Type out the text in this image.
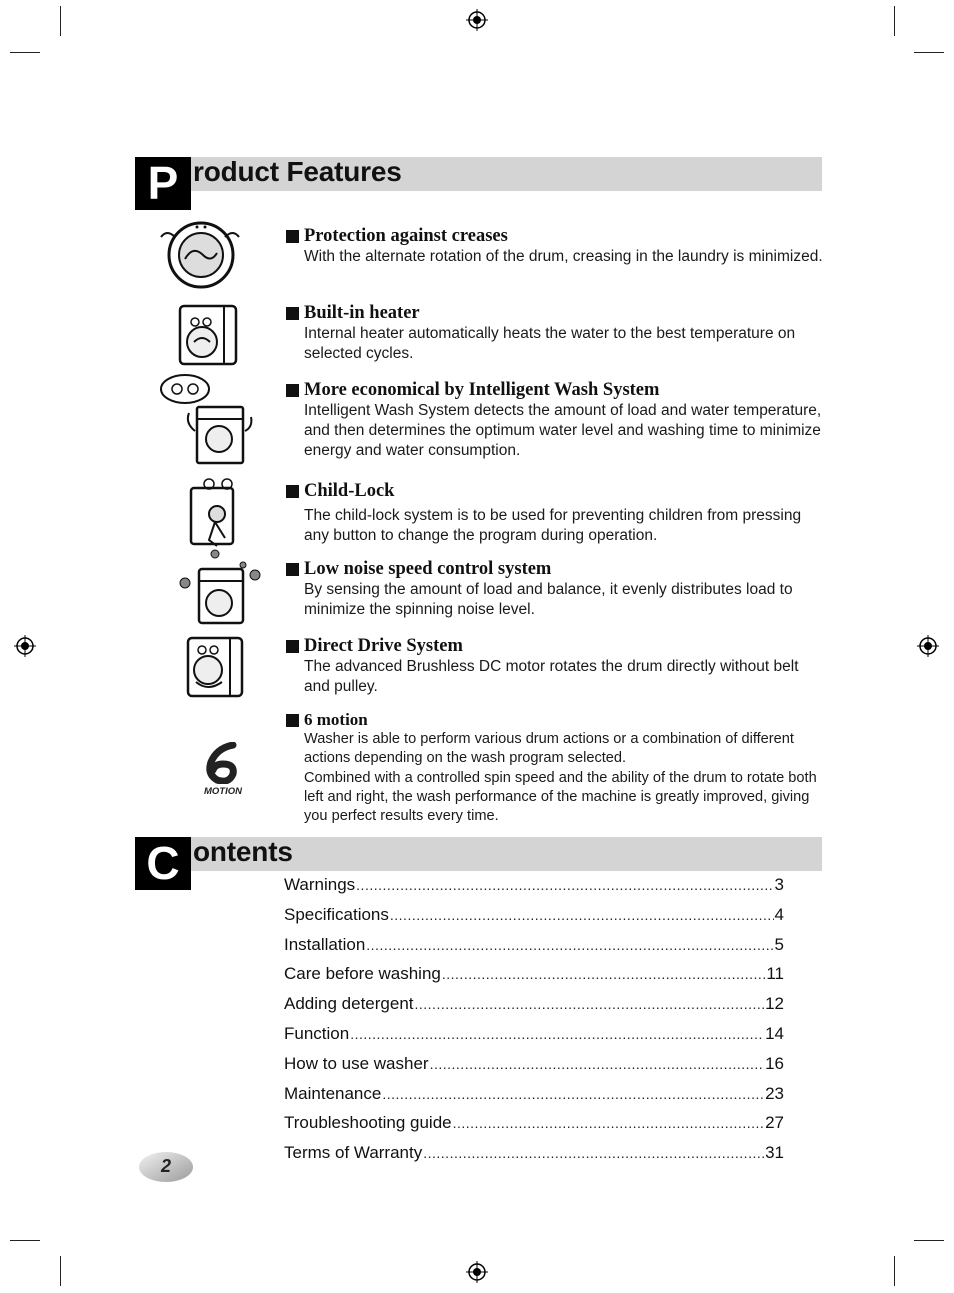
P roduct Features
MOTION
Protection against creases
With the alternate rotation of the drum, creasing in the laundry is minimized.
Built-in heater
Internal heater automatically heats the water to the best temperature on selected cycles.
More economical by Intelligent Wash System
Intelligent Wash System detects the amount of load and water temperature, and then determines the optimum water level and washing time to minimize energy and water consumption.
Child-Lock
The child-lock system is to be used for preventing children from pressing any button to change the program during operation.
Low noise speed control system
By sensing the amount of load and balance, it evenly distributes load to minimize the spinning noise level.
Direct Drive System
The advanced Brushless DC motor rotates the drum directly without belt and pulley.
6 motion
Washer is able to perform various drum actions or a combination of different actions depending on the wash program selected.
Combined with a controlled spin speed and the ability of the drum to rotate both left and right, the wash performance of the machine is greatly improved, giving you perfect results every time.
C ontents
Warnings .....	3
Specifications .....	4
Installation .....	5
Care before washing .....	11
Adding detergent .....	12
Function .....	14
How to use washer .....	16
Maintenance .....	23
Troubleshooting guide .....	27
Terms of Warranty .....	31
2
